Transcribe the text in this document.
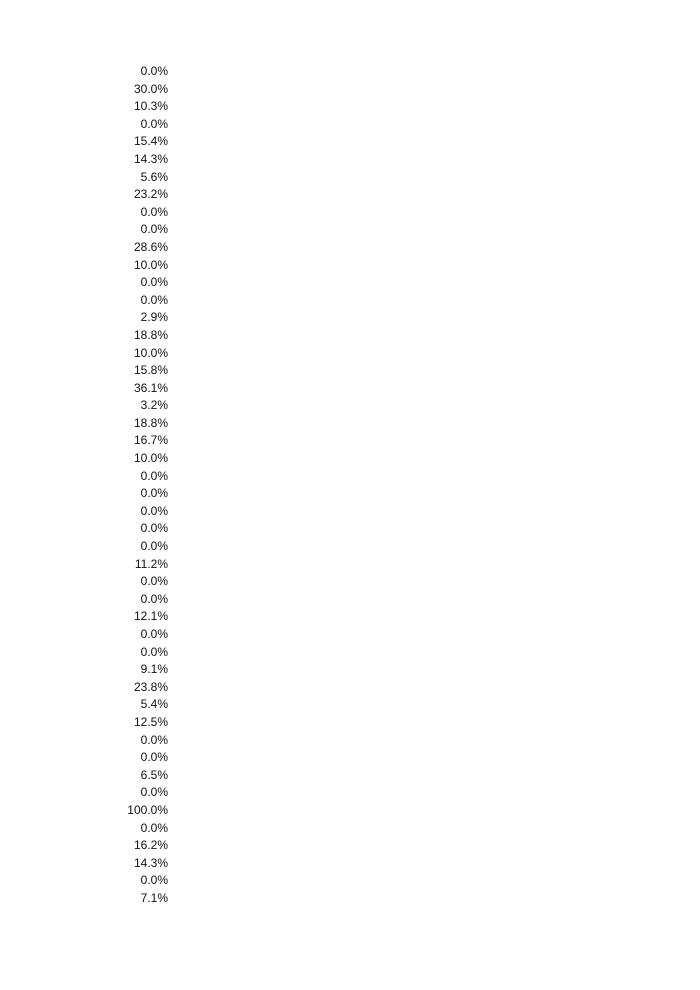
0.0%
30.0%
10.3%
0.0%
15.4%
14.3%
5.6%
23.2%
0.0%
0.0%
28.6%
10.0%
0.0%
0.0%
2.9%
18.8%
10.0%
15.8%
36.1%
3.2%
18.8%
16.7%
10.0%
0.0%
0.0%
0.0%
0.0%
0.0%
11.2%
0.0%
0.0%
12.1%
0.0%
0.0%
9.1%
23.8%
5.4%
12.5%
0.0%
0.0%
6.5%
0.0%
100.0%
0.0%
16.2%
14.3%
0.0%
7.1%
